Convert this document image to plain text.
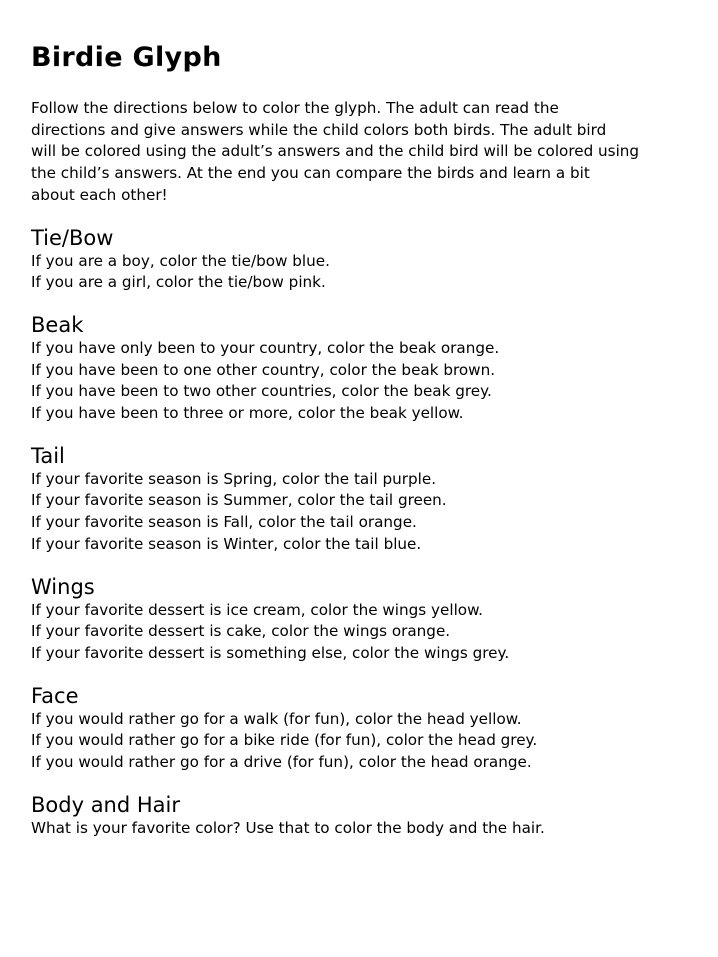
Birdie Glyph
Follow the directions below to color the glyph. The adult can read the
directions and give answers while the child colors both birds. The adult bird
will be colored using the adult’s answers and the child bird will be colored using
the child’s answers. At the end you can compare the birds and learn a bit
about each other!
Tie/Bow
If you are a boy, color the tie/bow blue.
If you are a girl, color the tie/bow pink.
Beak
If you have only been to your country, color the beak orange.
If you have been to one other country, color the beak brown.
If you have been to two other countries, color the beak grey.
If you have been to three or more, color the beak yellow.
Tail
If your favorite season is Spring, color the tail purple.
If your favorite season is Summer, color the tail green.
If your favorite season is Fall, color the tail orange.
If your favorite season is Winter, color the tail blue.
Wings
If your favorite dessert is ice cream, color the wings yellow.
If your favorite dessert is cake, color the wings orange.
If your favorite dessert is something else, color the wings grey.
Face
If you would rather go for a walk (for fun), color the head yellow.
If you would rather go for a bike ride (for fun), color the head grey.
If you would rather go for a drive (for fun), color the head orange.
Body and Hair
What is your favorite color? Use that to color the body and the hair.
